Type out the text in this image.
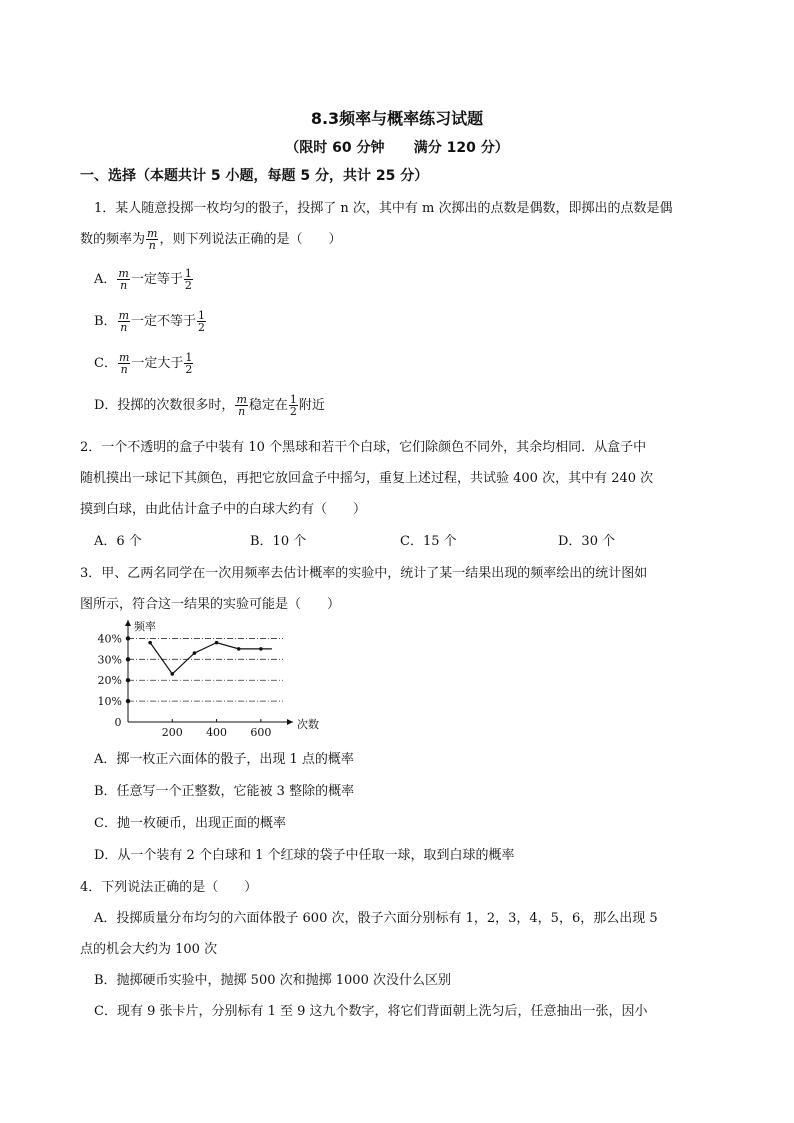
8.3频率与概率练习试题
（限时 60 分钟      满分 120 分）
一、选择（本题共计 5 小题，每题 5 分，共计 25 分）
1．某人随意投掷一枚均匀的骰子，投掷了 n 次，其中有 m 次掷出的点数是偶数，即掷出的点数是偶
数的频率为 $\frac{m}{n}$ ，则下列说法正确的是（　　）
A． $\frac{m}{n}$ 一定等于 $\frac{1}{2}$
B． $\frac{m}{n}$ 一定不等于 $\frac{1}{2}$
C． $\frac{m}{n}$ 一定大于 $\frac{1}{2}$
D．投掷的次数很多时， $\frac{m}{n}$ 稳定在 $\frac{1}{2}$ 附近
2．一个不透明的盒子中装有 10 个黑球和若干个白球，它们除颜色不同外，其余均相同．从盒子中
随机摸出一球记下其颜色，再把它放回盒子中摇匀，重复上述过程，共试验 400 次，其中有 240 次
摸到白球，由此估计盒子中的白球大约有（　　）
A．6 个	B．10 个	C．15 个	D．30 个
3．甲、乙两名同学在一次用频率去估计概率的实验中，统计了某一结果出现的频率绘出的统计图如
图所示，符合这一结果的实验可能是（　　）
10%
20%
30%
40%
200 400 600
0
频率
次数
A．掷一枚正六面体的骰子，出现 1 点的概率
B．任意写一个正整数，它能被 3 整除的概率
C．抛一枚硬币，出现正面的概率
D．从一个装有 2 个白球和 1 个红球的袋子中任取一球，取到白球的概率
4．下列说法正确的是（　　）
A．投掷质量分布均匀的六面体骰子 600 次，骰子六面分别标有 1，2，3，4，5，6，那么出现 5
点的机会大约为 100 次
B．抛掷硬币实验中，抛掷 500 次和抛掷 1000 次没什么区别
C．现有 9 张卡片，分别标有 1 至 9 这九个数字，将它们背面朝上洗匀后，任意抽出一张，因小
